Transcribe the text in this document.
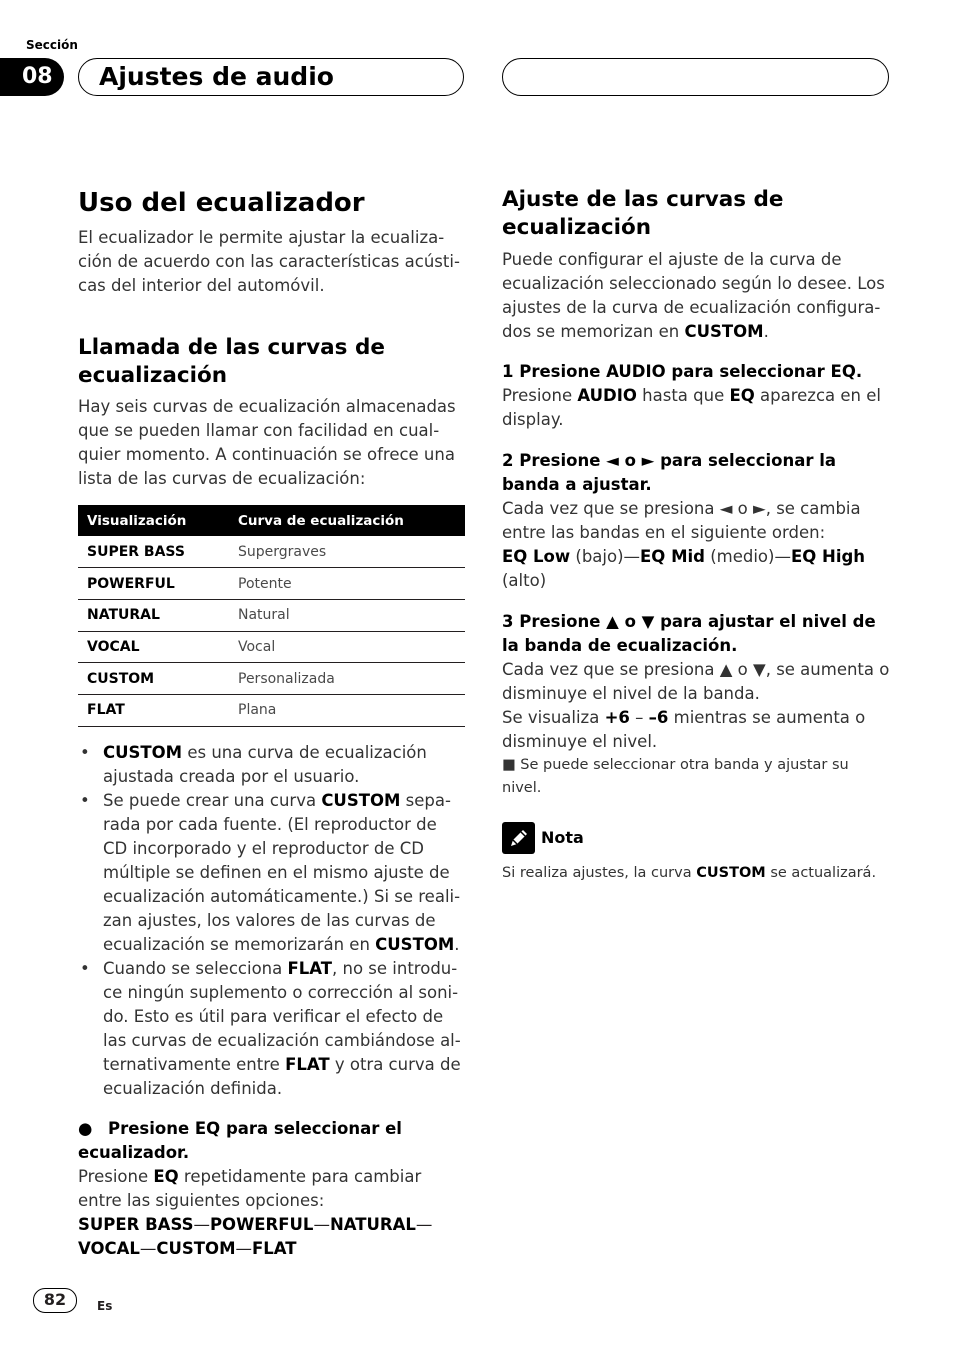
Sección
08	Ajustes de audio
Uso del ecualizador

El ecualizador le permite ajustar la ecualización de acuerdo con las características acústicas del interior del automóvil.

Llamada de las curvas de ecualización

Hay seis curvas de ecualización almacenadas que se pueden llamar con facilidad en cualquier momento. A continuación se ofrece una lista de las curvas de ecualización:

Visualización	Curva de ecualización
SUPER BASS	Supergraves
POWERFUL	Potente
NATURAL	Natural
VOCAL	Vocal
CUSTOM	Personalizada
FLAT	Plana
• CUSTOM es una curva de ecualización ajustada creada por el usuario.
• Se puede crear una curva CUSTOM separada por cada fuente. (El reproductor de CD incorporado y el reproductor de CD múltiple se definen en el mismo ajuste de ecualización automáticamente.) Si se realizan ajustes, los valores de las curvas de ecualización se memorizarán en CUSTOM.
• Cuando se selecciona FLAT, no se introduce ningún suplemento o corrección al sonido. Esto es útil para verificar el efecto de las curvas de ecualización cambiándose alternativamente entre FLAT y otra curva de ecualización definida.

● Presione EQ para seleccionar el ecualizador.

Presione EQ repetidamente para cambiar entre las siguientes opciones:

SUPER BASS—POWERFUL—NATURAL—
VOCAL—CUSTOM—FLAT

Ajuste de las curvas de ecualización

Puede configurar el ajuste de la curva de ecualización seleccionado según lo desee. Los ajustes de la curva de ecualización configurados se memorizan en CUSTOM.

1 Presione AUDIO para seleccionar EQ.

Presione AUDIO hasta que EQ aparezca en el display.

2 Presione ◄ o ► para seleccionar la banda a ajustar.

Cada vez que se presiona ◄ o ►, se cambia entre las bandas en el siguiente orden:

EQ Low (bajo)—EQ Mid (medio)—EQ High (alto)

3 Presione ▲ o ▼ para ajustar el nivel de la banda de ecualización.

Cada vez que se presiona ▲ o ▼, se aumenta o disminuye el nivel de la banda.

Se visualiza +6 – –6 mientras se aumenta o disminuye el nivel.

■ Se puede seleccionar otra banda y ajustar su nivel.

Nota

Si realiza ajustes, la curva CUSTOM se actualizará.

82	Es
